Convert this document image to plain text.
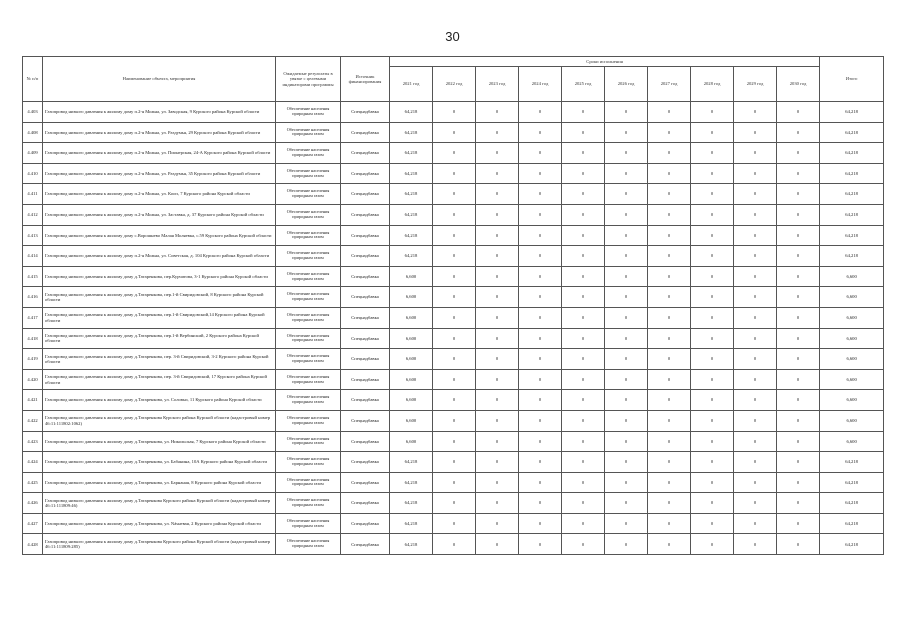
30
№ п/п	Наименование объекта, мероприятия	Ожидаемые результаты в увязке с целевыми индикаторами программы	Источник финансирования	Сроки исполнения										Итого
				2021 год	2022 год	2023 год	2024 год	2025 год	2026 год	2027 год	2028 год	2029 год	2030 год	
4.403	Газопровод низкого давления к жилому дому п.2-я Можна, ул. Заводская, 9 Курского района Курской области	Обеспечение населения природным газом	Спецнадбавка	64,218	0	0	0	0	0	0	0	0	0	64,218
4.408	Газопровод низкого давления к жилому дому п.2-я Можна, ул. Раздумья, 29 Курского района Курской области	Обеспечение населения природным газом	Спецнадбавка	64,218	0	0	0	0	0	0	0	0	0	64,218
4.409	Газопровод низкого давления к жилому дому п.2-я Можна, ул. Пионерская, 24-А Курского района Курской области	Обеспечение населения природным газом	Спецнадбавка	64,218	0	0	0	0	0	0	0	0	0	64,218
4.410	Газопровод низкого давления к жилому дому п.2-я Можна, ул. Раздумья, 35 Курского района Курской области	Обеспечение населения природным газом	Спецнадбавка	64,218	0	0	0	0	0	0	0	0	0	64,218
4.411	Газопровод низкого давления к жилому дому п.2-я Можна, ул. Кооп, 7 Курского района Курской области	Обеспечение населения природным газом	Спецнадбавка	64,218	0	0	0	0	0	0	0	0	0	64,218
4.412	Газопровод низкого давления к жилому дому п.2-я Можна, ул. Заставка, д. 37 Курского района Курской области	Обеспечение населения природным газом	Спецнадбавка	64,218	0	0	0	0	0	0	0	0	0	64,218
4.413	Газопровод низкого давления к жилому дому с.Ворошнево Малая Моляевка, с.59 Курского района Курской области	Обеспечение населения природным газом	Спецнадбавка	64,218	0	0	0	0	0	0	0	0	0	64,218
4.414	Газопровод низкого давления к жилому дому п.2-я Можна, ул. Советская, д. 104 Курского района Курской области	Обеспечение населения природным газом	Спецнадбавка	64,218	0	0	0	0	0	0	0	0	0	64,218
4.415	Газопровод низкого давления к жилому дому д.Татаренкова, пер.Курчатова, 3-1 Курского района Курской области	Обеспечение населения природным газом	Спецнадбавка	6,600	0	0	0	0	0	0	0	0	0	6,600
4.416	Газопровод низкого давления к жилому дому д.Татаренкова, пер.1-й Свиридовский, 8 Курского района Курской области	Обеспечение населения природным газом	Спецнадбавка	6,600	0	0	0	0	0	0	0	0	0	6,600
4.417	Газопровод низкого давления к жилому дому д.Татаренкова, пер.1-й Свиридовский,14 Курского района Курской области	Обеспечение населения природным газом	Спецнадбавка	6,600	0	0	0	0	0	0	0	0	0	6,600
4.418	Газопровод низкого давления к жилому дому д.Татаренкова, пер.1-й Вербинский, 2 Курского района Курской области	Обеспечение населения природным газом	Спецнадбавка	6,600	0	0	0	0	0	0	0	0	0	6,600
4.419	Газопровод низкого давления к жилому дому д.Татаренкова, пер. 3-й Свиридовский, 3-2 Курского района Курской области	Обеспечение населения природным газом	Спецнадбавка	6,600	0	0	0	0	0	0	0	0	0	6,600
4.420	Газопровод низкого давления к жилому дому д.Татаренкова, пер. 3-й Свиридовский, 17 Курского района Курской области	Обеспечение населения природным газом	Спецнадбавка	6,600	0	0	0	0	0	0	0	0	0	6,600
4.421	Газопровод низкого давления к жилому дому д.Татаренкова, ул. Соловьи, 11 Курского района Курской области	Обеспечение населения природным газом	Спецнадбавка	6,600	0	0	0	0	0	0	0	0	0	6,600
4.422	Газопровод низкого давления к жилому дому д.Татаренкова Курского района Курской области (кадастровый номер 46:11:111802:1062)	Обеспечение населения природным газом	Спецнадбавка	6,600	0	0	0	0	0	0	0	0	0	6,600
4.423	Газопровод низкого давления к жилому дому д.Татаренкова, ул. Никольская, 7 Курского района Курской области	Обеспечение населения природным газом	Спецнадбавка	6,600	0	0	0	0	0	0	0	0	0	6,600
4.424	Газопровод низкого давления к жилому дому д.Татаренкова, ул. Бабанина, 10А Курского района Курской области	Обеспечение населения природным газом	Спецнадбавка	64,218	0	0	0	0	0	0	0	0	0	64,218
4.425	Газопровод низкого давления к жилому дому д.Татаренкова, ул. Барнаная, 8 Курского района Курской области	Обеспечение населения природным газом	Спецнадбавка	64,218	0	0	0	0	0	0	0	0	0	64,218
4.426	Газопровод низкого давления к жилому дому д.Татаренкова Курского района Курской области (кадастровый номер 46:11:111809:46)	Обеспечение населения природным газом	Спецнадбавка	64,218	0	0	0	0	0	0	0	0	0	64,218
4.427	Газопровод низкого давления к жилому дому д.Татаренкова, ул. Násнeвая, 2 Курского района Курской области	Обеспечение населения природным газом	Спецнадбавка	64,218	0	0	0	0	0	0	0	0	0	64,218
4.428	Газопровод низкого давления к жилому дому д.Татаренкова Курского района Курской области (кадастровый номер 46:11:111809:285)	Обеспечение населения природным газом	Спецнадбавка	64,218	0	0	0	0	0	0	0	0	0	64,218
